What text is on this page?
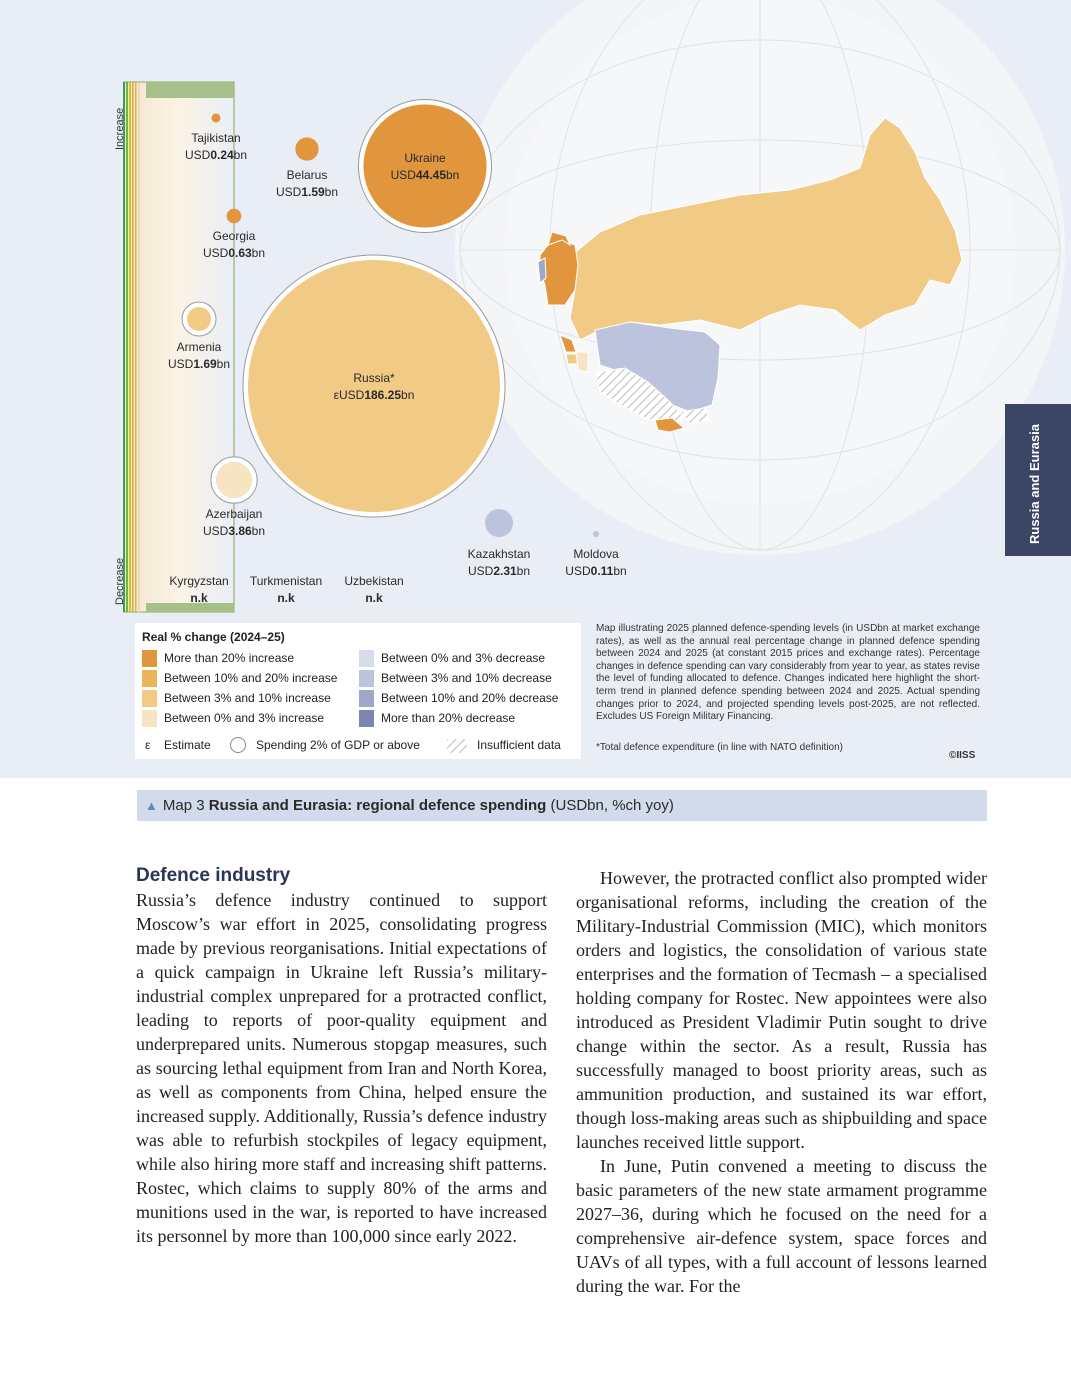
Increase
Decrease
Tajikistan
USD0.24bn
Belarus
USD1.59bn
Ukraine
USD44.45bn
Georgia
USD0.63bn
Armenia
USD1.69bn
Russia*
εUSD186.25bn
Azerbaijan
USD3.86bn
Kazakhstan
USD2.31bn
Moldova
USD0.11bn
Kyrgyzstan
n.k
Turkmenistan
n.k
Uzbekistan
n.k
Russia and Eurasia
Real % change (2024–25)
More than 20% increase
Between 10% and 20% increase
Between 3% and 10% increase
Between 0% and 3% increase
Between 0% and 3% decrease
Between 3% and 10% decrease
Between 10% and 20% decrease
More than 20% decrease
ε Estimate	Spending 2% of GDP or above	Insufficient data
Map illustrating 2025 planned defence-spending levels (in USDbn at market exchange rates), as well as the annual real percentage change in planned defence spending between 2024 and 2025 (at constant 2015 prices and exchange rates). Percentage changes in defence spending can vary considerably from year to year, as states revise the level of funding allocated to defence. Changes indicated here highlight the short-term trend in planned defence spending between 2024 and 2025. Actual spending changes prior to 2024, and projected spending levels post-2025, are not reflected. Excludes US Foreign Military Financing.
*Total defence expenditure (in line with NATO definition)
©IISS
▲ Map 3 Russia and Eurasia: regional defence spending (USDbn, %ch yoy)
Defence industry

Russia’s defence industry continued to support Moscow’s war effort in 2025, consolidating progress made by previous reorganisations. Initial expectations of a quick campaign in Ukraine left Russia’s military-industrial complex unprepared for a protracted conflict, leading to reports of poor-quality equipment and underprepared units. Numerous stopgap measures, such as sourcing lethal equipment from Iran and North Korea, as well as components from China, helped ensure the increased supply. Additionally, Russia’s defence industry was able to refurbish stockpiles of legacy equipment, while also hiring more staff and increasing shift patterns. Rostec, which claims to supply 80% of the arms and munitions used in the war, is reported to have increased its personnel by more than 100,000 since early 2022.

However, the protracted conflict also prompted wider organisational reforms, including the creation of the Military-Industrial Commission (MIC), which monitors orders and logistics, the consolidation of various state enterprises and the formation of Tecmash – a specialised holding company for Rostec. New appointees were also introduced as President Vladimir Putin sought to drive change within the sector. As a result, Russia has successfully managed to boost priority areas, such as ammunition production, and sustained its war effort, though loss-making areas such as shipbuilding and space launches received little support.

In June, Putin convened a meeting to discuss the basic parameters of the new state armament programme 2027–36, during which he focused on the need for a comprehensive air-defence system, space forces and UAVs of all types, with a full account of lessons learned during the war. For the
